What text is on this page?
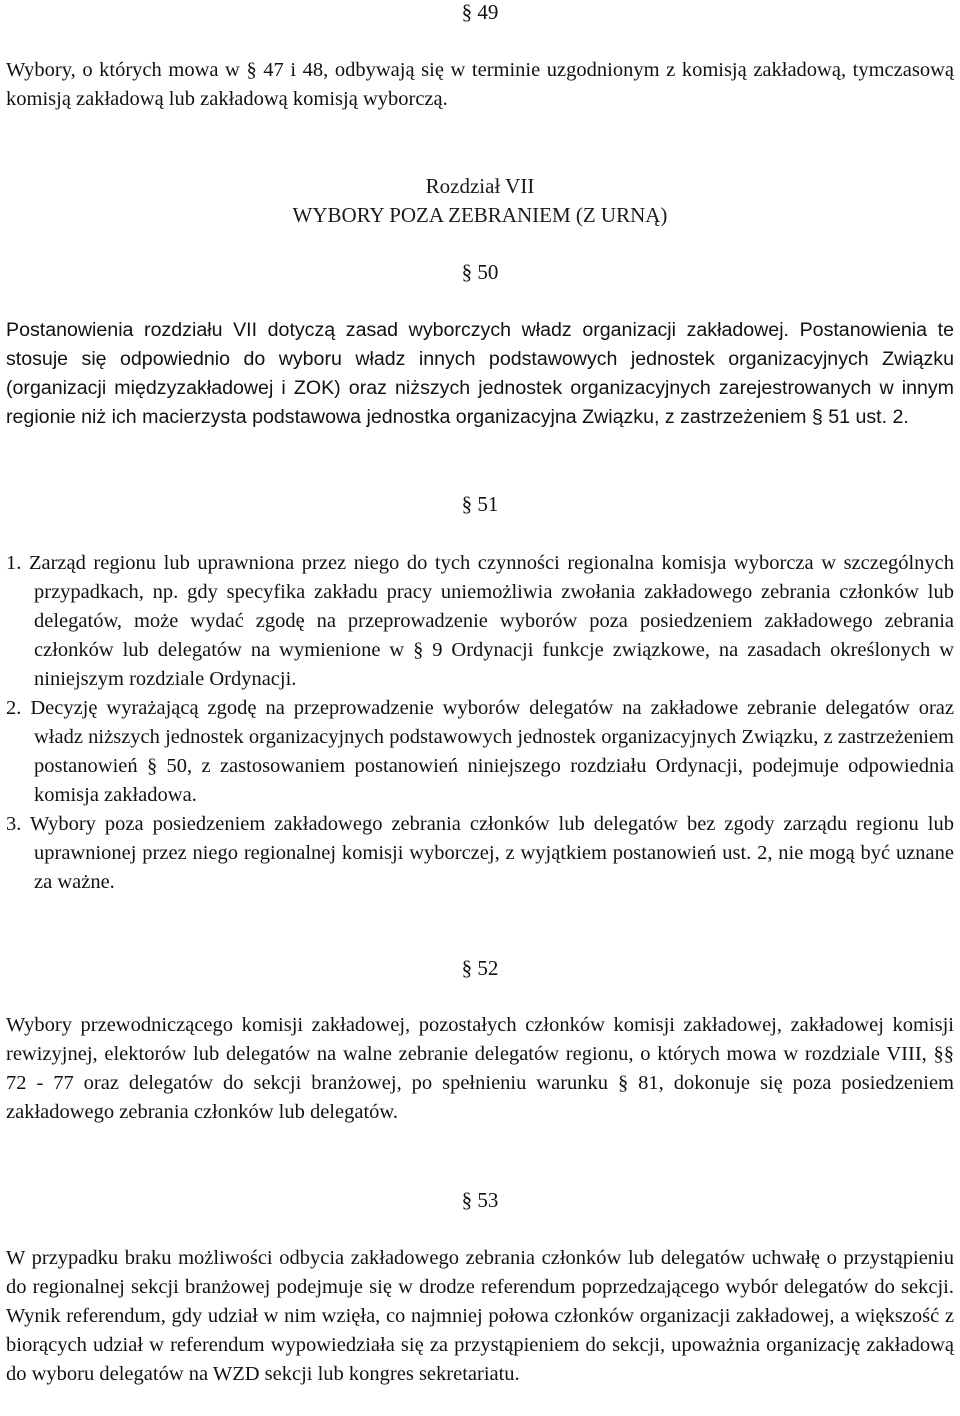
§ 49
Wybory, o których mowa w § 47 i 48, odbywają się w terminie uzgodnionym z komisją zakładową, tymczasową komisją zakładową lub zakładową komisją wyborczą.
Rozdział VII
WYBORY POZA ZEBRANIEM (Z URNĄ)
§ 50
Postanowienia rozdziału VII dotyczą zasad wyborczych władz organizacji zakładowej. Postanowienia te stosuje się odpowiednio do wyboru władz innych podstawowych jednostek organizacyjnych Związku (organizacji międzyzakładowej i ZOK) oraz niższych jednostek organizacyjnych zarejestrowanych w innym regionie niż ich macierzysta podstawowa jednostka organizacyjna Związku, z zastrzeżeniem § 51 ust. 2.
§ 51
1. Zarząd regionu lub uprawniona przez niego do tych czynności regionalna komisja wyborcza w szczególnych przypadkach, np. gdy specyfika zakładu pracy uniemożliwia zwołania zakładowego zebrania członków lub delegatów, może wydać zgodę na przeprowadzenie wyborów poza posiedzeniem zakładowego zebrania członków lub delegatów na wymienione w § 9 Ordynacji funkcje związkowe, na zasadach określonych w niniejszym rozdziale Ordynacji.
2. Decyzję wyrażającą zgodę na przeprowadzenie wyborów delegatów na zakładowe zebranie delegatów oraz władz niższych jednostek organizacyjnych podstawowych jednostek organizacyjnych Związku, z zastrzeżeniem postanowień § 50, z zastosowaniem postanowień niniejszego rozdziału Ordynacji, podejmuje odpowiednia komisja zakładowa.
3. Wybory poza posiedzeniem zakładowego zebrania członków lub delegatów bez zgody zarządu regionu lub uprawnionej przez niego regionalnej komisji wyborczej, z wyjątkiem postanowień ust. 2, nie mogą być uznane za ważne.
§ 52
Wybory przewodniczącego komisji zakładowej, pozostałych członków komisji zakładowej, zakładowej komisji rewizyjnej, elektorów lub delegatów na walne zebranie delegatów regionu, o których mowa w rozdziale VIII, §§ 72 - 77 oraz delegatów do sekcji branżowej, po spełnieniu warunku § 81, dokonuje się poza posiedzeniem zakładowego zebrania członków lub delegatów.
§ 53
W przypadku braku możliwości odbycia zakładowego zebrania członków lub delegatów uchwałę o przystąpieniu do regionalnej sekcji branżowej podejmuje się w drodze referendum poprzedzającego wybór delegatów do sekcji. Wynik referendum, gdy udział w nim wzięła, co najmniej połowa członków organizacji zakładowej, a większość z biorących udział w referendum wypowiedziała się za przystąpieniem do sekcji, upoważnia organizację zakładową do wyboru delegatów na WZD sekcji lub kongres sekretariatu.
